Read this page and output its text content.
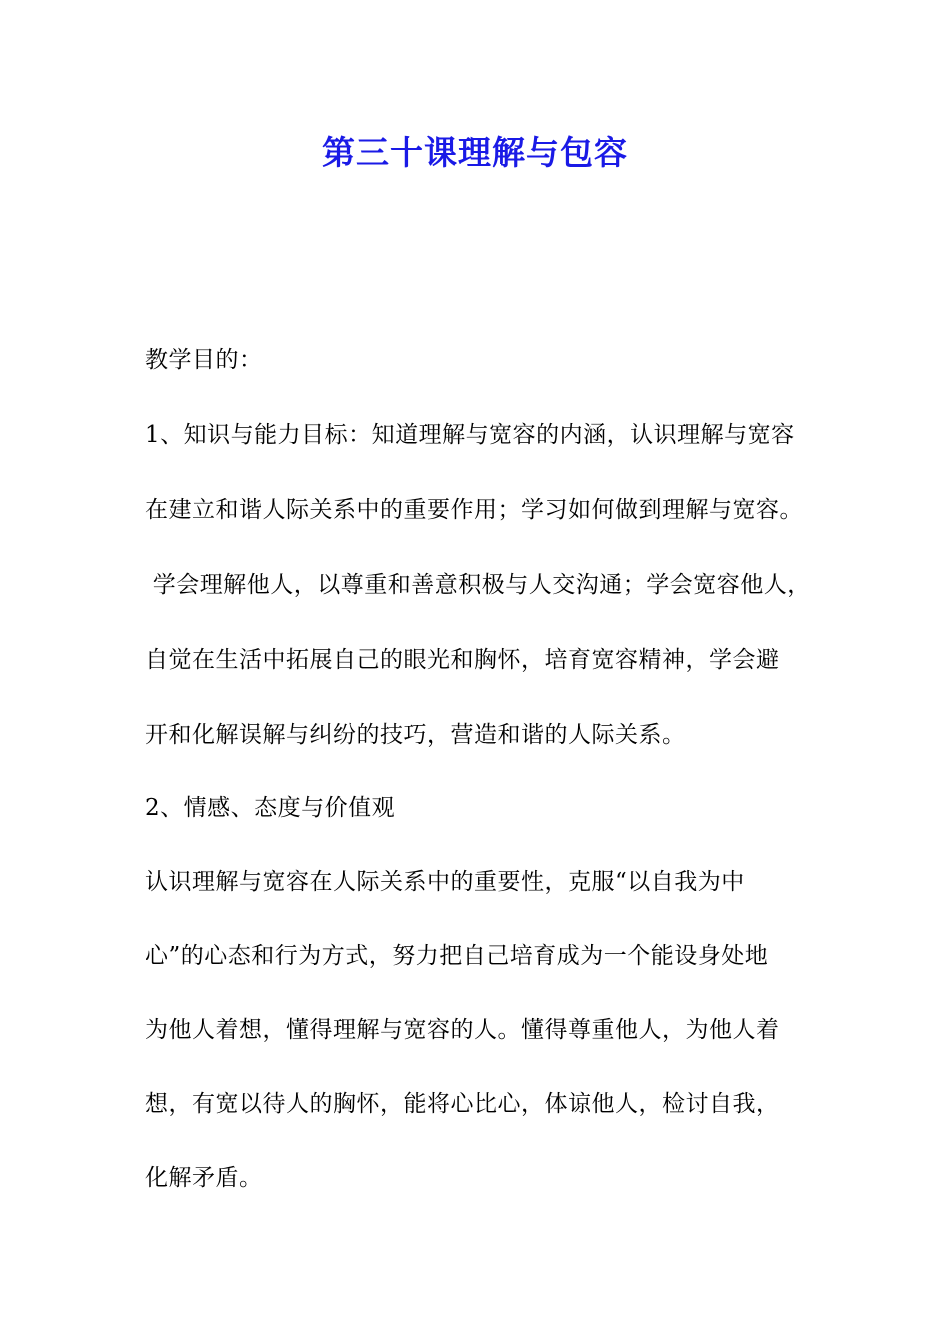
第三十课理解与包容

教学目的：

1、知识与能力目标：知道理解与宽容的内涵，认识理解与宽容

在建立和谐人际关系中的重要作用；学习如何做到理解与宽容。

学会理解他人，以尊重和善意积极与人交沟通；学会宽容他人，

自觉在生活中拓展自己的眼光和胸怀，培育宽容精神，学会避

开和化解误解与纠纷的技巧，营造和谐的人际关系。

2、情感、态度与价值观

认识理解与宽容在人际关系中的重要性，克服“以自我为中

心”的心态和行为方式，努力把自己培育成为一个能设身处地

为他人着想，懂得理解与宽容的人。懂得尊重他人，为他人着

想，有宽以待人的胸怀，能将心比心，体谅他人，检讨自我，

化解矛盾。
